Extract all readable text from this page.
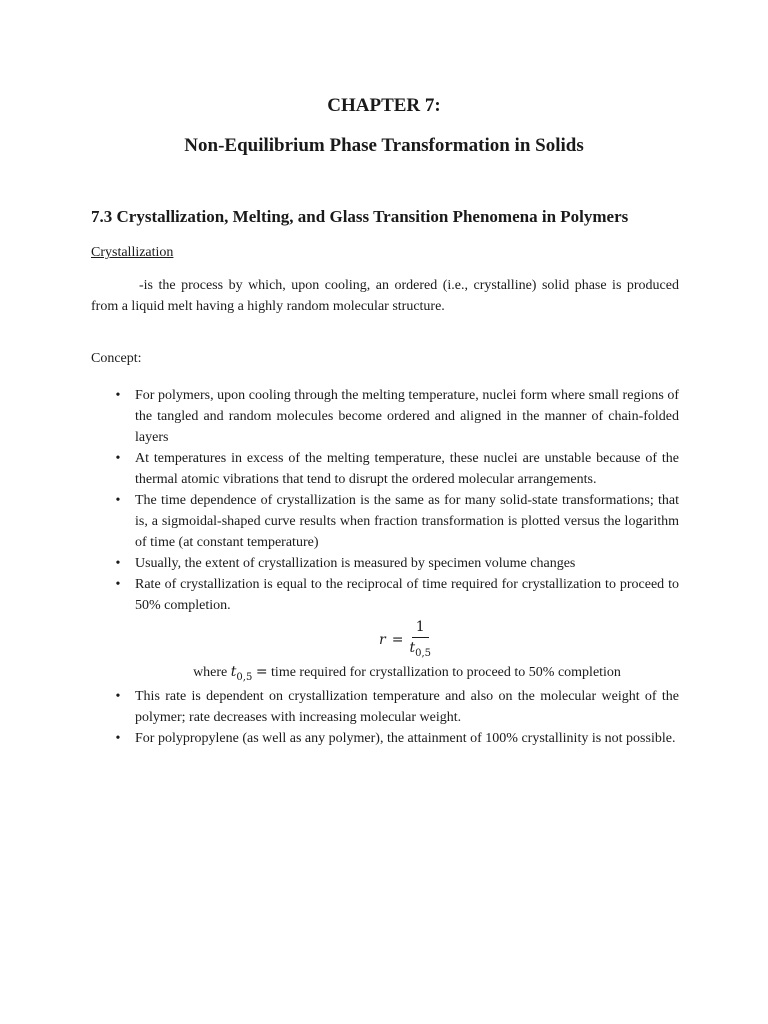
CHAPTER 7:
Non-Equilibrium Phase Transformation in Solids
7.3 Crystallization, Melting, and Glass Transition Phenomena in Polymers
Crystallization

-is the process by which, upon cooling, an ordered (i.e., crystalline) solid phase is produced from a liquid melt having a highly random molecular structure.

Concept:
• For polymers, upon cooling through the melting temperature, nuclei form where small regions of the tangled and random molecules become ordered and aligned in the manner of chain-folded layers
• At temperatures in excess of the melting temperature, these nuclei are unstable because of the thermal atomic vibrations that tend to disrupt the ordered molecular arrangements.
• The time dependence of crystallization is the same as for many solid-state transformations; that is, a sigmoidal-shaped curve results when fraction transformation is plotted versus the logarithm of time (at constant temperature)
• Usually, the extent of crystallization is measured by specimen volume changes
• Rate of crystallization is equal to the reciprocal of time required for crystallization to proceed to 50% completion.
$r = \frac{1}{t_{0,5}}$
where $t_{0,5}$ = time required for crystallization to proceed to 50% completion
• This rate is dependent on crystallization temperature and also on the molecular weight of the polymer; rate decreases with increasing molecular weight.
• For polypropylene (as well as any polymer), the attainment of 100% crystallinity is not possible.
